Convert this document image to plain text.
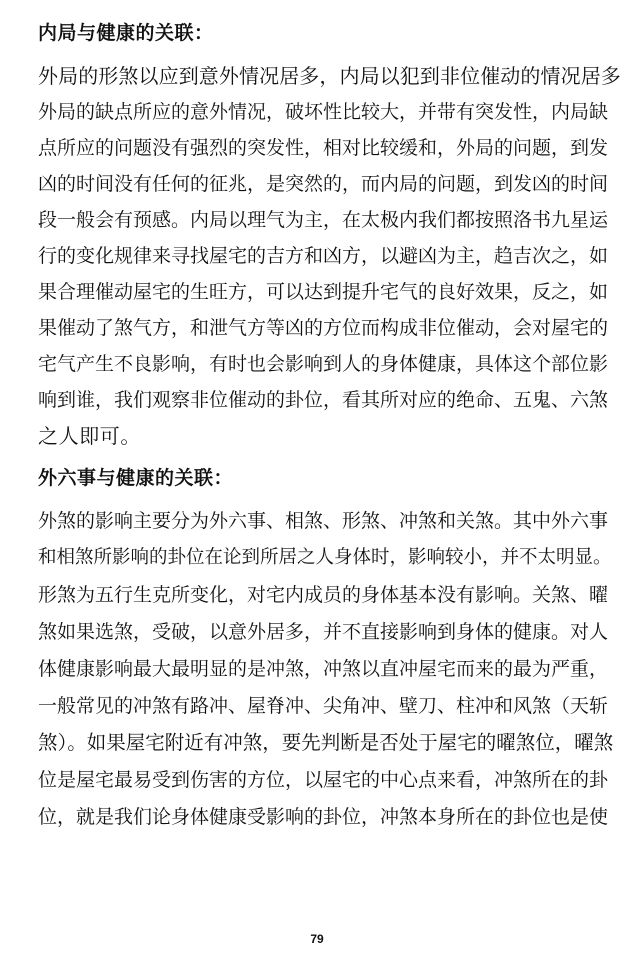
内局与健康的关联：
外局的形煞以应到意外情况居多，内局以犯到非位催动的情况居多
外局的缺点所应的意外情况，破坏性比较大，并带有突发性，内局缺
点所应的问题没有强烈的突发性，相对比较缓和，外局的问题，到发
凶的时间没有任何的征兆，是突然的，而内局的问题，到发凶的时间
段一般会有预感。内局以理气为主，在太极内我们都按照洛书九星运
行的变化规律来寻找屋宅的吉方和凶方，以避凶为主，趋吉次之，如
果合理催动屋宅的生旺方，可以达到提升宅气的良好效果，反之，如
果催动了煞气方，和泄气方等凶的方位而构成非位催动，会对屋宅的
宅气产生不良影响，有时也会影响到人的身体健康，具体这个部位影
响到谁，我们观察非位催动的卦位，看其所对应的绝命、五鬼、六煞
之人即可。
外六事与健康的关联：
外煞的影响主要分为外六事、相煞、形煞、冲煞和关煞。其中外六事
和相煞所影响的卦位在论到所居之人身体时，影响较小，并不太明显。
形煞为五行生克所变化，对宅内成员的身体基本没有影响。关煞、曜
煞如果选煞，受破，以意外居多，并不直接影响到身体的健康。对人
体健康影响最大最明显的是冲煞，冲煞以直冲屋宅而来的最为严重，
一般常见的冲煞有路冲、屋脊冲、尖角冲、壁刀、柱冲和风煞（天斩
煞）。如果屋宅附近有冲煞，要先判断是否处于屋宅的曜煞位，曜煞
位是屋宅最易受到伤害的方位，以屋宅的中心点来看，冲煞所在的卦
位，就是我们论身体健康受影响的卦位，冲煞本身所在的卦位也是使
79
